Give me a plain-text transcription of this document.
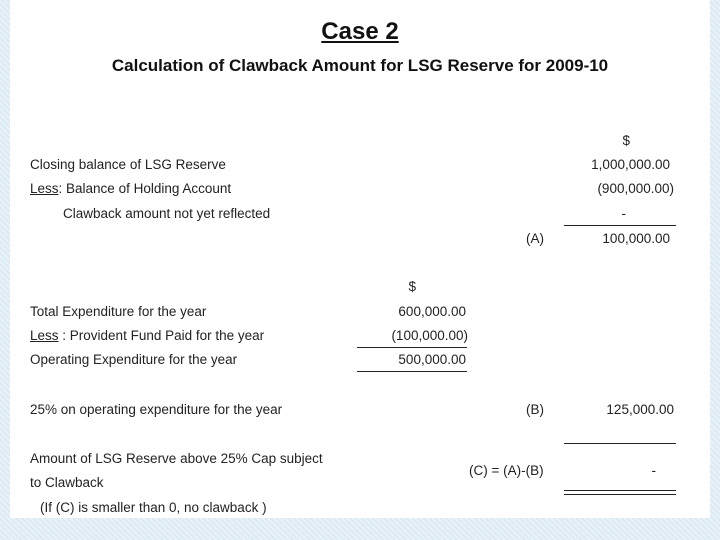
Case 2
Calculation of Clawback Amount for LSG Reserve for 2009-10
$
Closing balance of LSG Reserve	1,000,000.00
Less: Balance of Holding Account	(900,000.00)
Clawback amount not yet reflected	-
(A)	100,000.00
$
Total Expenditure for the year	600,000.00
Less : Provident Fund Paid for the year	(100,000.00)
Operating Expenditure for the year	500,000.00
25% on operating expenditure for the year	(B)	125,000.00
Amount of LSG Reserve above 25% Cap subject
to Clawback
(C) = (A)-(B)	-
(If (C) is smaller than 0, no clawback )
